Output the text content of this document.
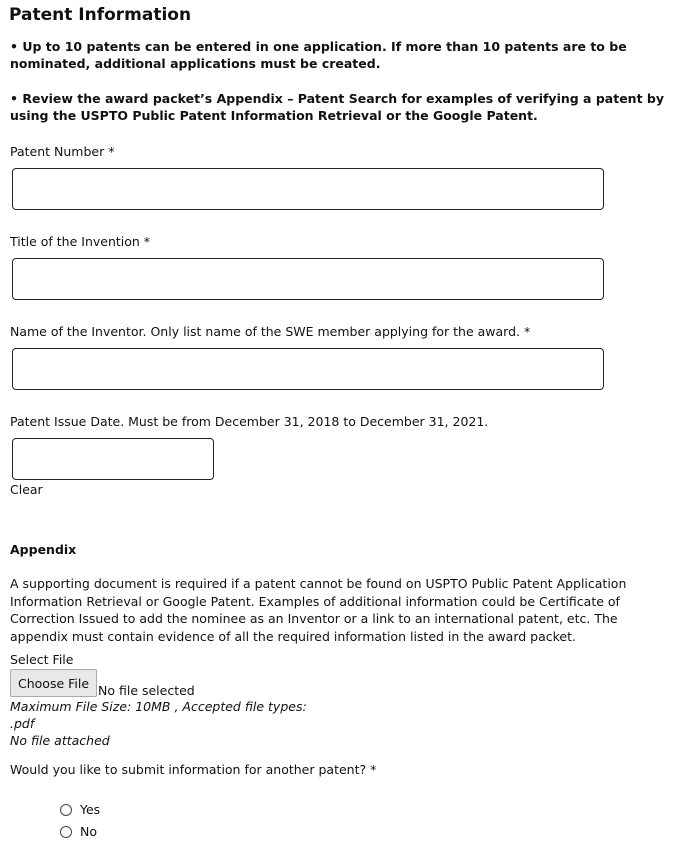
Patent Information
• Up to 10 patents can be entered in one application. If more than 10 patents are to be nominated, additional applications must be created.
• Review the award packet’s Appendix – Patent Search for examples of verifying a patent by using the USPTO Public Patent Information Retrieval or the Google Patent.
Patent Number *
Title of the Invention *
Name of the Inventor. Only list name of the SWE member applying for the award. *
Patent Issue Date. Must be from December 31, 2018 to December 31, 2021.
Clear
Appendix
A supporting document is required if a patent cannot be found on USPTO Public Patent Application Information Retrieval or Google Patent. Examples of additional information could be Certificate of Correction Issued to add the nominee as an Inventor or a link to an international patent, etc. The appendix must contain evidence of all the required information listed in the award packet.
Select File
Choose File No file selected
Maximum File Size: 10MB , Accepted file types:
.pdf
No file attached
Would you like to submit information for another patent? *
Yes
No
